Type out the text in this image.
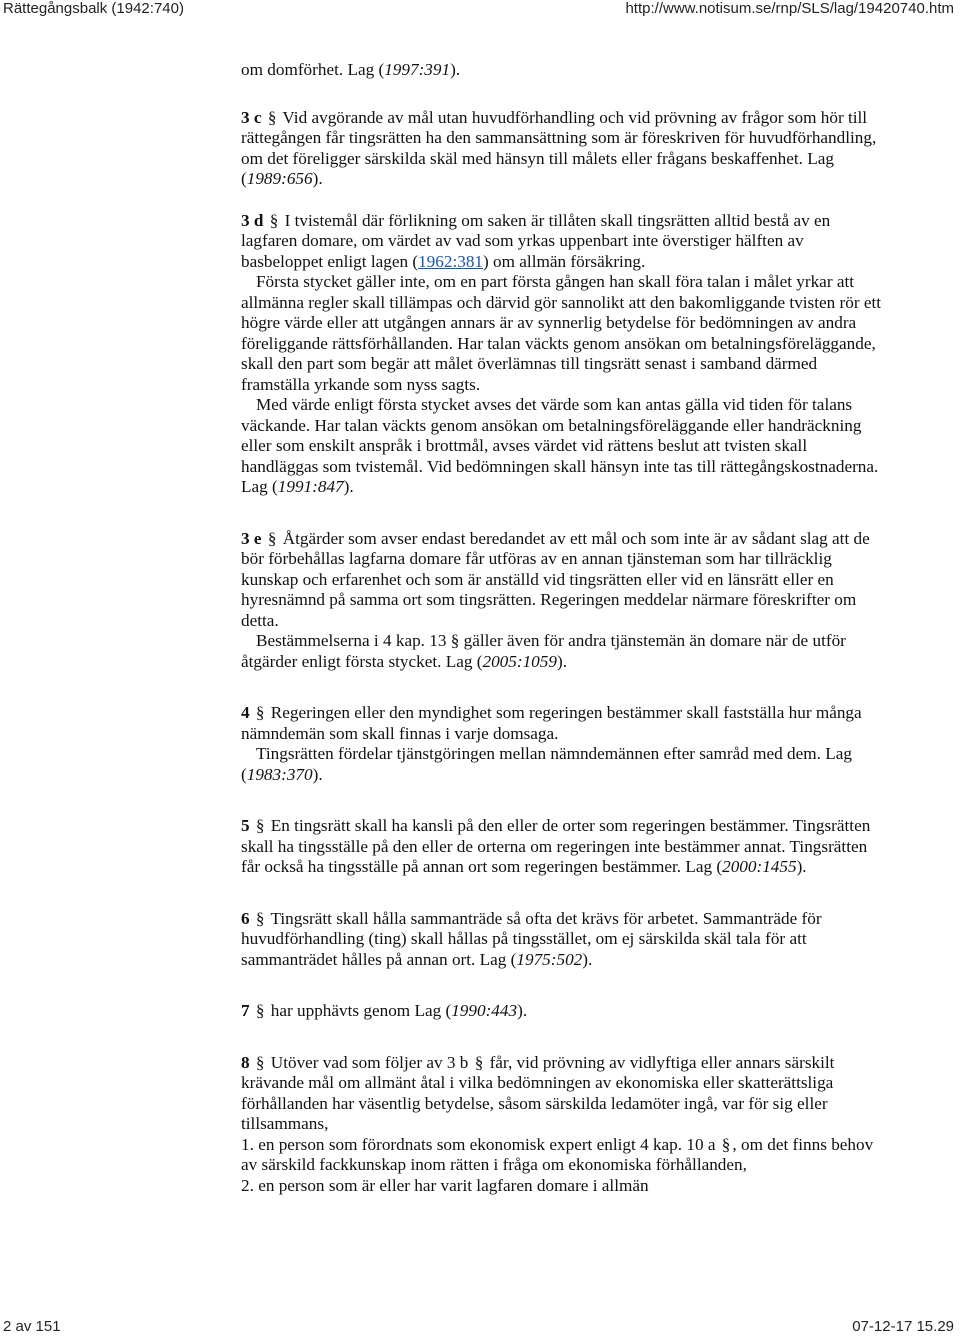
Rättegångsbalk (1942:740)	http://www.notisum.se/rnp/SLS/lag/19420740.htm

om domförhet. Lag (1997:391).

3 c § Vid avgörande av mål utan huvudförhandling och vid prövning av frågor som hör till rättegången får tingsrätten ha den sammansättning som är föreskriven för huvudförhandling, om det föreligger särskilda skäl med hänsyn till målets eller frågans beskaffenhet. Lag (1989:656).

3 d § I tvistemål där förlikning om saken är tillåten skall tingsrätten alltid bestå av en lagfaren domare, om värdet av vad som yrkas uppenbart inte överstiger hälften av basbeloppet enligt lagen (1962:381) om allmän försäkring.

Första stycket gäller inte, om en part första gången han skall föra talan i målet yrkar att allmänna regler skall tillämpas och därvid gör sannolikt att den bakomliggande tvisten rör ett högre värde eller att utgången annars är av synnerlig betydelse för bedömningen av andra föreliggande rättsförhållanden. Har talan väckts genom ansökan om betalningsföreläggande, skall den part som begär att målet överlämnas till tingsrätt senast i samband därmed framställa yrkande som nyss sagts.

Med värde enligt första stycket avses det värde som kan antas gälla vid tiden för talans väckande. Har talan väckts genom ansökan om betalningsföreläggande eller handräckning eller som enskilt anspråk i brottmål, avses värdet vid rättens beslut att tvisten skall handläggas som tvistemål. Vid bedömningen skall hänsyn inte tas till rättegångskostnaderna. Lag (1991:847).

3 e § Åtgärder som avser endast beredandet av ett mål och som inte är av sådant slag att de bör förbehållas lagfarna domare får utföras av en annan tjänsteman som har tillräcklig kunskap och erfarenhet och som är anställd vid tingsrätten eller vid en länsrätt eller en hyresnämnd på samma ort som tingsrätten. Regeringen meddelar närmare föreskrifter om detta.

Bestämmelserna i 4 kap. 13 § gäller även för andra tjänstemän än domare när de utför åtgärder enligt första stycket. Lag (2005:1059).

4 § Regeringen eller den myndighet som regeringen bestämmer skall fastställa hur många nämndemän som skall finnas i varje domsaga.

Tingsrätten fördelar tjänstgöringen mellan nämndemännen efter samråd med dem. Lag (1983:370).

5 § En tingsrätt skall ha kansli på den eller de orter som regeringen bestämmer. Tingsrätten skall ha tingsställe på den eller de orterna om regeringen inte bestämmer annat. Tingsrätten får också ha tingsställe på annan ort som regeringen bestämmer. Lag (2000:1455).

6 § Tingsrätt skall hålla sammanträde så ofta det krävs för arbetet. Sammanträde för huvudförhandling (ting) skall hållas på tingsstället, om ej särskilda skäl tala för att sammanträdet hålles på annan ort. Lag (1975:502).

7 § har upphävts genom Lag (1990:443).

8 § Utöver vad som följer av 3 b § får, vid prövning av vidlyftiga eller annars särskilt krävande mål om allmänt åtal i vilka bedömningen av ekonomiska eller skatterättsliga förhållanden har väsentlig betydelse, såsom särskilda ledamöter ingå, var för sig eller tillsammans,

1. en person som förordnats som ekonomisk expert enligt 4 kap. 10 a § , om det finns behov av särskild fackkunskap inom rätten i fråga om ekonomiska förhållanden,

2. en person som är eller har varit lagfaren domare i allmän

2 av 151	07-12-17 15.29
